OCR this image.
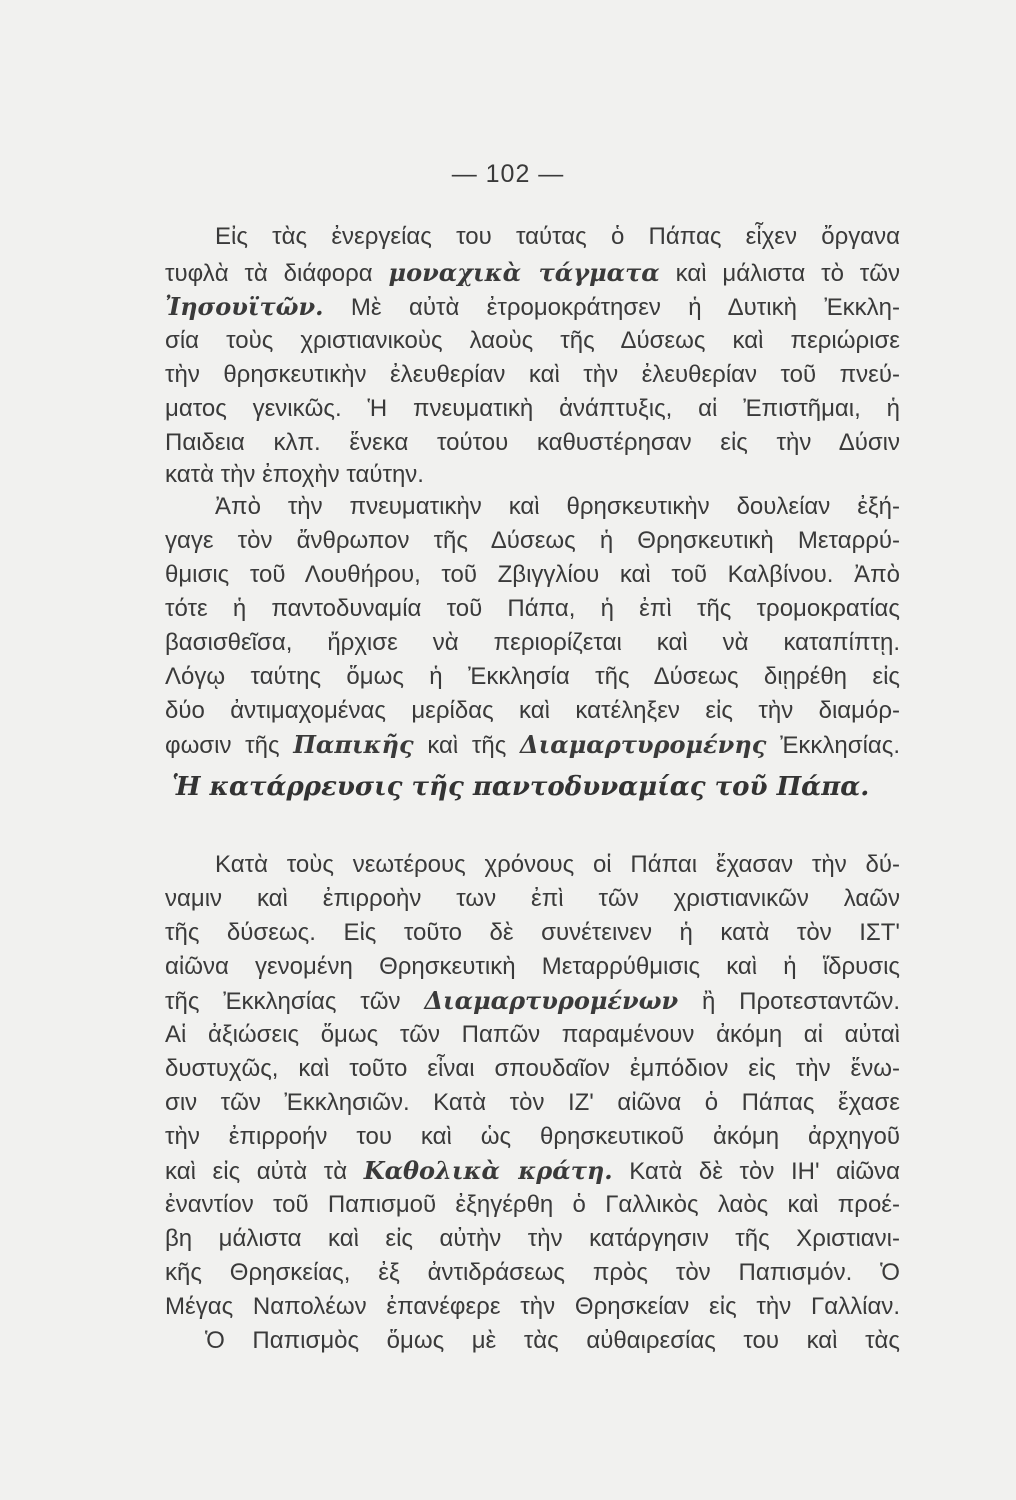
— 102 —
Εἰς τὰς ἐνεργείας του ταύτας ὁ Πάπας εἶχεν ὄργανα
τυφλὰ τὰ διάφορα μοναχικὰ τάγματα καὶ μάλιστα τὸ τῶν
Ἰησουϊτῶν. Μὲ αὐτὰ ἐτρομοκράτησεν ἡ Δυτικὴ Ἐκκλη-
σία τοὺς χριστιανικοὺς λαοὺς τῆς Δύσεως καὶ περιώρισε
τὴν θρησκευτικὴν ἐλευθερίαν καὶ τὴν ἐλευθερίαν τοῦ πνεύ-
ματος γενικῶς. Ἡ πνευματικὴ ἀνάπτυξις, αἱ Ἐπιστῆμαι, ἡ
Παιδεια κλπ. ἕνεκα τούτου καθυστέρησαν εἰς τὴν Δύσιν
κατὰ τὴν ἐποχὴν ταύτην.
Ἀπὸ τὴν πνευματικὴν καὶ θρησκευτικὴν δουλείαν ἐξή-
γαγε τὸν ἄνθρωπον τῆς Δύσεως ἡ Θρησκευτικὴ Μεταρρύ-
θμισις τοῦ Λουθήρου, τοῦ Ζβιγγλίου καὶ τοῦ Καλβίνου. Ἀπὸ
τότε ἡ παντοδυναμία τοῦ Πάπα, ἡ ἐπὶ τῆς τρομοκρατίας
βασισθεῖσα, ἤρχισε νὰ περιορίζεται καὶ νὰ καταπίπτῃ.
Λόγῳ ταύτης ὅμως ἡ Ἐκκλησία τῆς Δύσεως διῃρέθη εἰς
δύο ἀντιμαχομένας μερίδας καὶ κατέληξεν εἰς τὴν διαμόρ-
φωσιν τῆς Παπικῆς καὶ τῆς Διαμαρτυρομένης Ἐκκλησίας.
Ἡ κατάρρευσις τῆς παντοδυναμίας τοῦ Πάπα.
Κατὰ τοὺς νεωτέρους χρόνους οἱ Πάπαι ἔχασαν τὴν δύ-
ναμιν καὶ ἐπιρροὴν των ἐπὶ τῶν χριστιανικῶν λαῶν
τῆς δύσεως. Εἰς τοῦτο δὲ συνέτεινεν ἡ κατὰ τὸν ΙΣΤ'
αἰῶνα γενομένη Θρησκευτικὴ Μεταρρύθμισις καὶ ἡ ἵδρυσις
τῆς Ἐκκλησίας τῶν Διαμαρτυρομένων ἢ Προτεσταντῶν.
Αἱ ἀξιώσεις ὅμως τῶν Παπῶν παραμένουν ἀκόμη αἱ αὐταὶ
δυστυχῶς, καὶ τοῦτο εἶναι σπουδαῖον ἐμπόδιον εἰς τὴν ἕνω-
σιν τῶν Ἐκκλησιῶν. Κατὰ τὸν ΙΖ' αἰῶνα ὁ Πάπας ἔχασε
τὴν ἐπιρροήν του καὶ ὡς θρησκευτικοῦ ἀκόμη ἀρχηγοῦ
καὶ εἰς αὐτὰ τὰ Καθολικὰ κράτη. Κατὰ δὲ τὸν ΙΗ' αἰῶνα
ἐναντίον τοῦ Παπισμοῦ ἐξηγέρθη ὁ Γαλλικὸς λαὸς καὶ προέ-
βη μάλιστα καὶ εἰς αὐτὴν τὴν κατάργησιν τῆς Χριστιανι-
κῆς Θρησκείας, ἐξ ἀντιδράσεως πρὸς τὸν Παπισμόν. Ὁ
Μέγας Ναπολέων ἐπανέφερε τὴν Θρησκείαν εἰς τὴν Γαλλίαν.
Ὁ Παπισμὸς ὅμως μὲ τὰς αὐθαιρεσίας του καὶ τὰς
